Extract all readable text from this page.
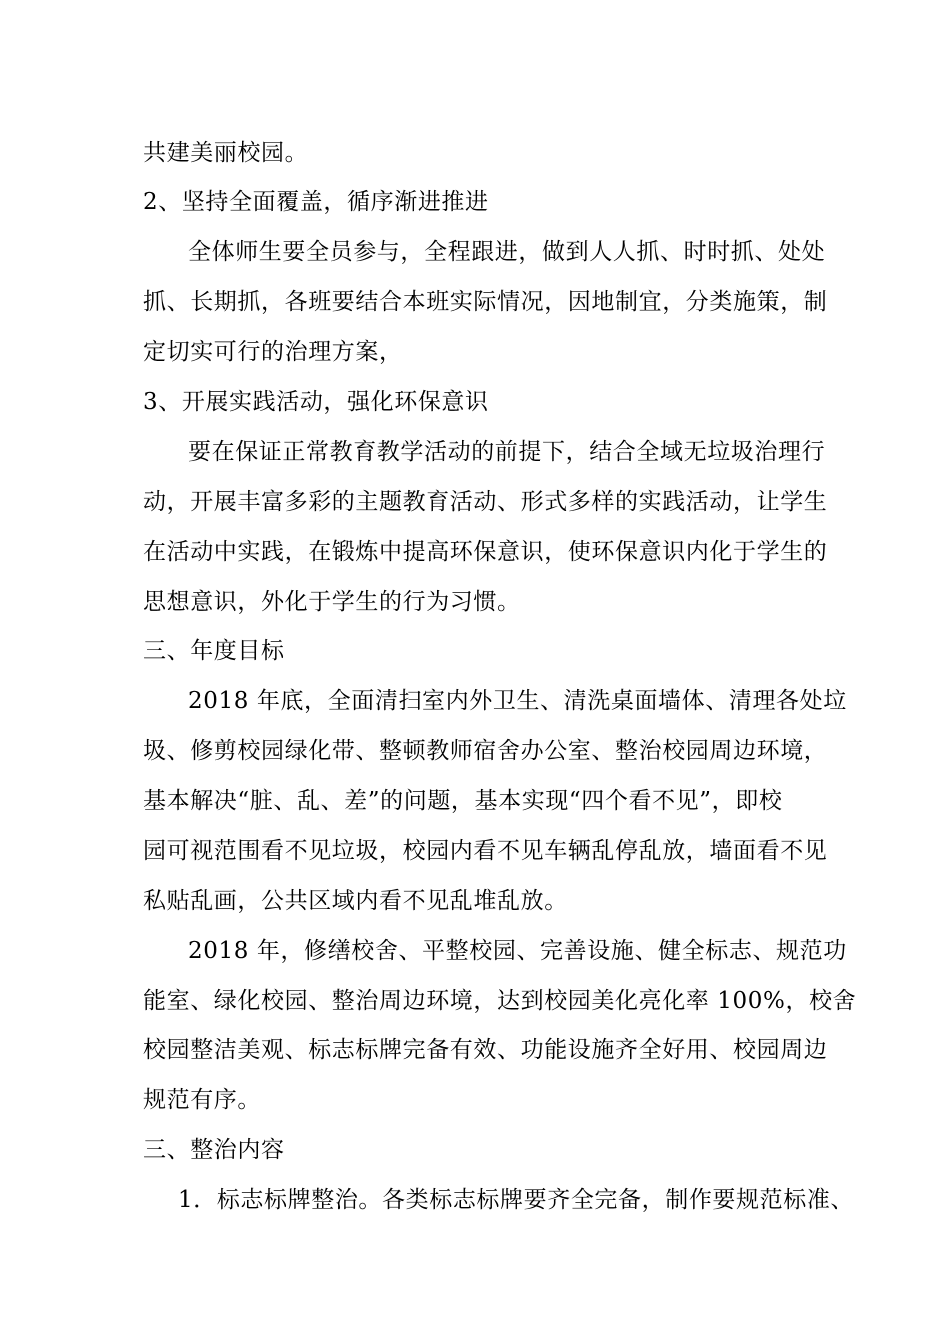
共建美丽校园。
2、坚持全面覆盖，循序渐进推进
全体师生要全员参与，全程跟进，做到人人抓、时时抓、处处
抓、长期抓，各班要结合本班实际情况，因地制宜，分类施策，制
定切实可行的治理方案，
3、开展实践活动，强化环保意识
要在保证正常教育教学活动的前提下，结合全域无垃圾治理行
动，开展丰富多彩的主题教育活动、形式多样的实践活动，让学生
在活动中实践，在锻炼中提高环保意识，使环保意识内化于学生的
思想意识，外化于学生的行为习惯。
三、年度目标
2018 年底，全面清扫室内外卫生、清洗桌面墙体、清理各处垃
圾、修剪校园绿化带、整顿教师宿舍办公室、整治校园周边环境，
基本解决“脏、乱、差”的问题，基本实现“四个看不见”，即校
园可视范围看不见垃圾，校园内看不见车辆乱停乱放，墙面看不见
私贴乱画，公共区域内看不见乱堆乱放。
2018 年，修缮校舍、平整校园、完善设施、健全标志、规范功
能室、绿化校园、整治周边环境，达到校园美化亮化率 100%，校舍
校园整洁美观、标志标牌完备有效、功能设施齐全好用、校园周边
规范有序。
三、整治内容
1．标志标牌整治。各类标志标牌要齐全完备，制作要规范标准、
